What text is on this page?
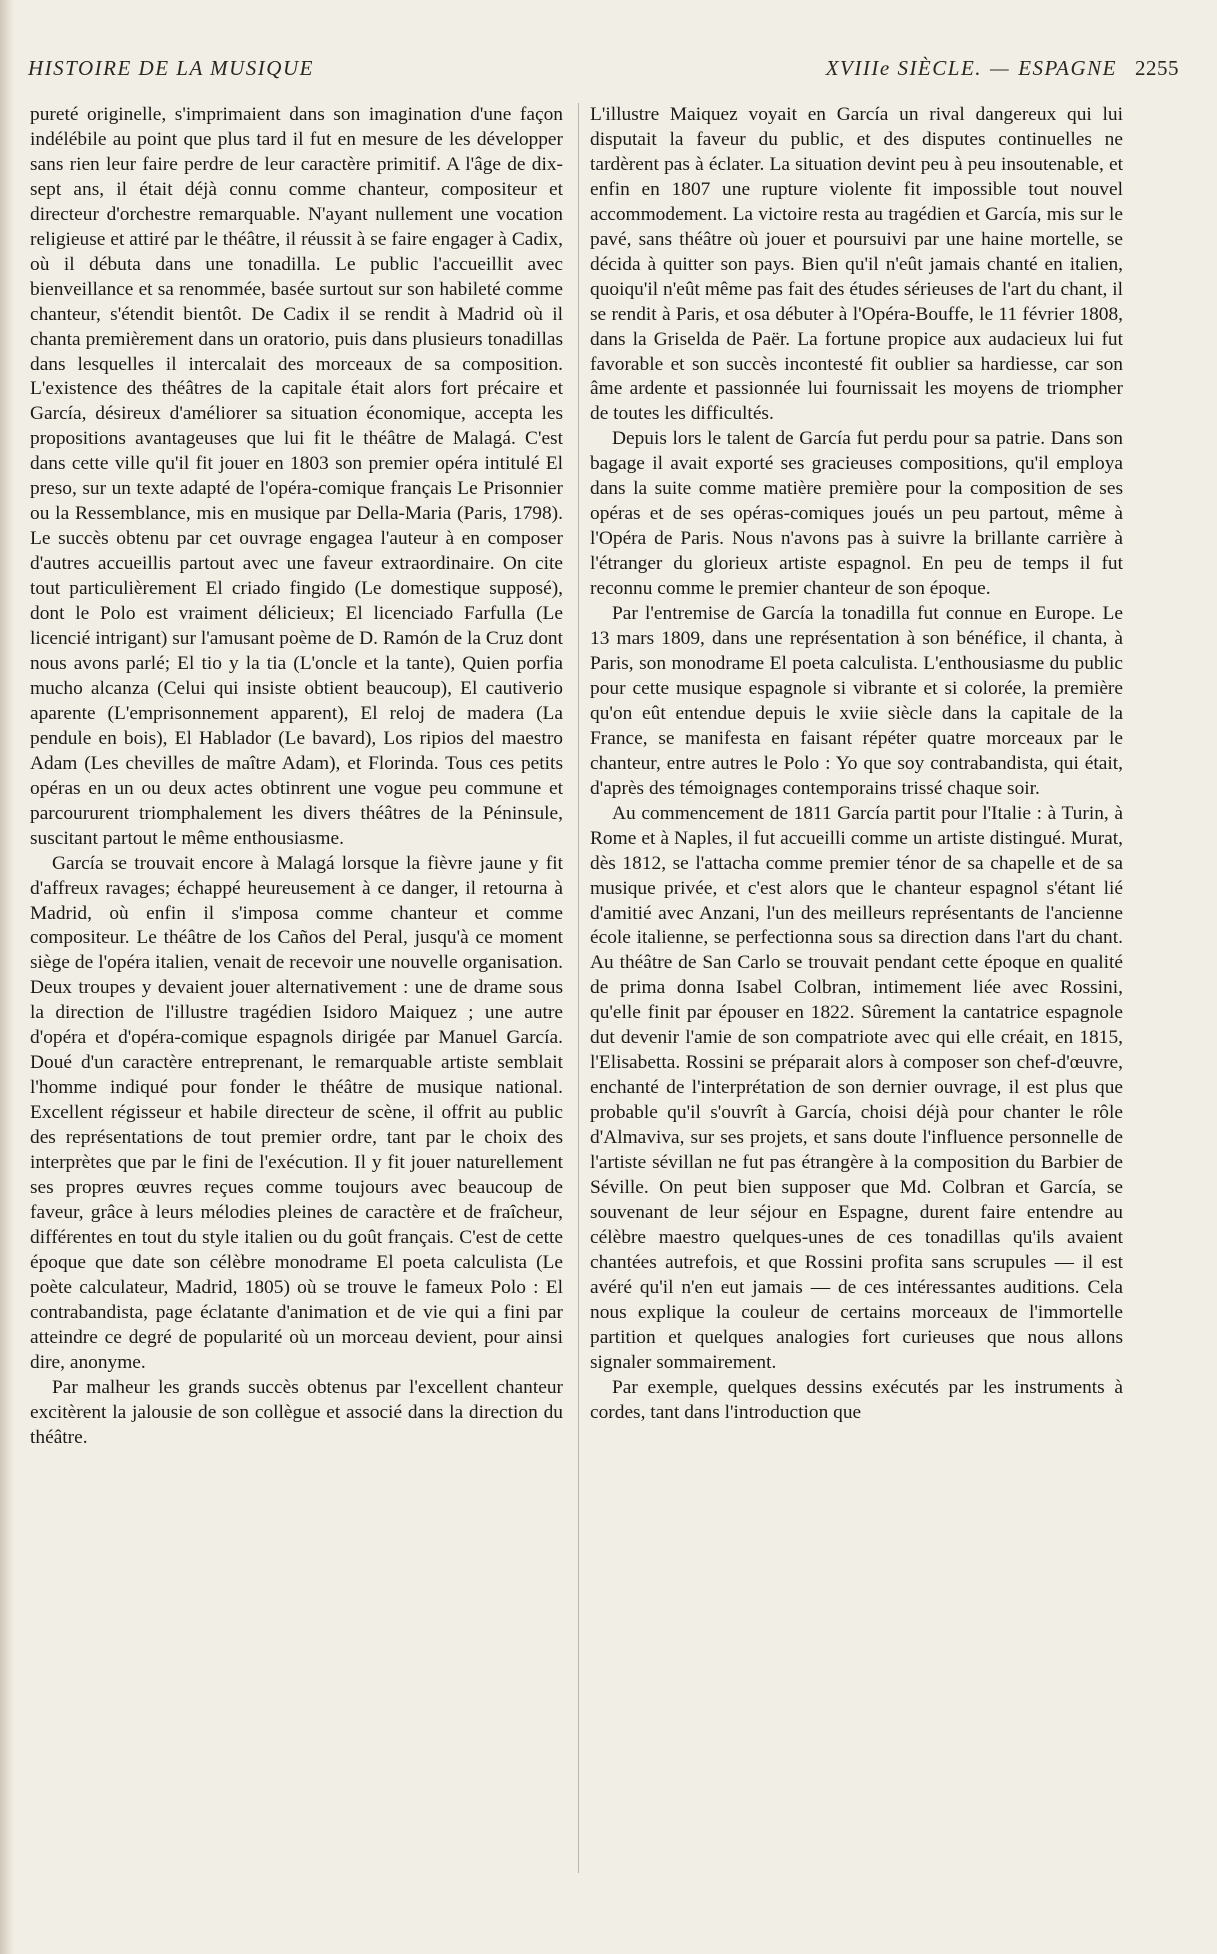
HISTOIRE DE LA MUSIQUE	XVIIIe SIÈCLE. — ESPAGNE 2255

pureté originelle, s'imprimaient dans son imagination d'une façon indélébile au point que plus tard il fut en mesure de les développer sans rien leur faire perdre de leur caractère primitif. A l'âge de dix-sept ans, il était déjà connu comme chanteur, compositeur et directeur d'orchestre remarquable. N'ayant nullement une vocation religieuse et attiré par le théâtre, il réussit à se faire engager à Cadix, où il débuta dans une tonadilla. Le public l'accueillit avec bienveillance et sa renommée, basée surtout sur son habileté comme chanteur, s'étendit bientôt. De Cadix il se rendit à Madrid où il chanta premièrement dans un oratorio, puis dans plusieurs tonadillas dans lesquelles il intercalait des morceaux de sa composition. L'existence des théâtres de la capitale était alors fort précaire et García, désireux d'améliorer sa situation économique, accepta les propositions avantageuses que lui fit le théâtre de Malagá. C'est dans cette ville qu'il fit jouer en 1803 son premier opéra intitulé El preso, sur un texte adapté de l'opéra-comique français Le Prisonnier ou la Ressemblance, mis en musique par Della-Maria (Paris, 1798). Le succès obtenu par cet ouvrage engagea l'auteur à en composer d'autres accueillis partout avec une faveur extraordinaire. On cite tout particulièrement El criado fingido (Le domestique supposé), dont le Polo est vraiment délicieux; El licenciado Farfulla (Le licencié intrigant) sur l'amusant poème de D. Ramón de la Cruz dont nous avons parlé; El tio y la tia (L'oncle et la tante), Quien porfia mucho alcanza (Celui qui insiste obtient beaucoup), El cautiverio aparente (L'emprisonnement apparent), El reloj de madera (La pendule en bois), El Hablador (Le bavard), Los ripios del maestro Adam (Les chevilles de maître Adam), et Florinda. Tous ces petits opéras en un ou deux actes obtinrent une vogue peu commune et parcoururent triomphalement les divers théâtres de la Péninsule, suscitant partout le même enthousiasme.

García se trouvait encore à Malagá lorsque la fièvre jaune y fit d'affreux ravages; échappé heureusement à ce danger, il retourna à Madrid, où enfin il s'imposa comme chanteur et comme compositeur. Le théâtre de los Caños del Peral, jusqu'à ce moment siège de l'opéra italien, venait de recevoir une nouvelle organisation. Deux troupes y devaient jouer alternativement : une de drame sous la direction de l'illustre tragédien Isidoro Maiquez ; une autre d'opéra et d'opéra-comique espagnols dirigée par Manuel García. Doué d'un caractère entreprenant, le remarquable artiste semblait l'homme indiqué pour fonder le théâtre de musique national. Excellent régisseur et habile directeur de scène, il offrit au public des représentations de tout premier ordre, tant par le choix des interprètes que par le fini de l'exécution. Il y fit jouer naturellement ses propres œuvres reçues comme toujours avec beaucoup de faveur, grâce à leurs mélodies pleines de caractère et de fraîcheur, différentes en tout du style italien ou du goût français. C'est de cette époque que date son célèbre monodrame El poeta calculista (Le poète calculateur, Madrid, 1805) où se trouve le fameux Polo : El contrabandista, page éclatante d'animation et de vie qui a fini par atteindre ce degré de popularité où un morceau devient, pour ainsi dire, anonyme.

Par malheur les grands succès obtenus par l'excellent chanteur excitèrent la jalousie de son collègue et associé dans la direction du théâtre.

L'illustre Maiquez voyait en García un rival dangereux qui lui disputait la faveur du public, et des disputes continuelles ne tardèrent pas à éclater. La situation devint peu à peu insoutenable, et enfin en 1807 une rupture violente fit impossible tout nouvel accommodement. La victoire resta au tragédien et García, mis sur le pavé, sans théâtre où jouer et poursuivi par une haine mortelle, se décida à quitter son pays. Bien qu'il n'eût jamais chanté en italien, quoiqu'il n'eût même pas fait des études sérieuses de l'art du chant, il se rendit à Paris, et osa débuter à l'Opéra-Bouffe, le 11 février 1808, dans la Griselda de Paër. La fortune propice aux audacieux lui fut favorable et son succès incontesté fit oublier sa hardiesse, car son âme ardente et passionnée lui fournissait les moyens de triompher de toutes les difficultés.

Depuis lors le talent de García fut perdu pour sa patrie. Dans son bagage il avait exporté ses gracieuses compositions, qu'il employa dans la suite comme matière première pour la composition de ses opéras et de ses opéras-comiques joués un peu partout, même à l'Opéra de Paris. Nous n'avons pas à suivre la brillante carrière à l'étranger du glorieux artiste espagnol. En peu de temps il fut reconnu comme le premier chanteur de son époque.

Par l'entremise de García la tonadilla fut connue en Europe. Le 13 mars 1809, dans une représentation à son bénéfice, il chanta, à Paris, son monodrame El poeta calculista. L'enthousiasme du public pour cette musique espagnole si vibrante et si colorée, la première qu'on eût entendue depuis le xviie siècle dans la capitale de la France, se manifesta en faisant répéter quatre morceaux par le chanteur, entre autres le Polo : Yo que soy contrabandista, qui était, d'après des témoignages contemporains trissé chaque soir.

Au commencement de 1811 García partit pour l'Italie : à Turin, à Rome et à Naples, il fut accueilli comme un artiste distingué. Murat, dès 1812, se l'attacha comme premier ténor de sa chapelle et de sa musique privée, et c'est alors que le chanteur espagnol s'étant lié d'amitié avec Anzani, l'un des meilleurs représentants de l'ancienne école italienne, se perfectionna sous sa direction dans l'art du chant. Au théâtre de San Carlo se trouvait pendant cette époque en qualité de prima donna Isabel Colbran, intimement liée avec Rossini, qu'elle finit par épouser en 1822. Sûrement la cantatrice espagnole dut devenir l'amie de son compatriote avec qui elle créait, en 1815, l'Elisabetta. Rossini se préparait alors à composer son chef-d'œuvre, enchanté de l'interprétation de son dernier ouvrage, il est plus que probable qu'il s'ouvrît à García, choisi déjà pour chanter le rôle d'Almaviva, sur ses projets, et sans doute l'influence personnelle de l'artiste sévillan ne fut pas étrangère à la composition du Barbier de Séville. On peut bien supposer que Md. Colbran et García, se souvenant de leur séjour en Espagne, durent faire entendre au célèbre maestro quelques-unes de ces tonadillas qu'ils avaient chantées autrefois, et que Rossini profita sans scrupules — il est avéré qu'il n'en eut jamais — de ces intéressantes auditions. Cela nous explique la couleur de certains morceaux de l'immortelle partition et quelques analogies fort curieuses que nous allons signaler sommairement.

Par exemple, quelques dessins exécutés par les instruments à cordes, tant dans l'introduction que
